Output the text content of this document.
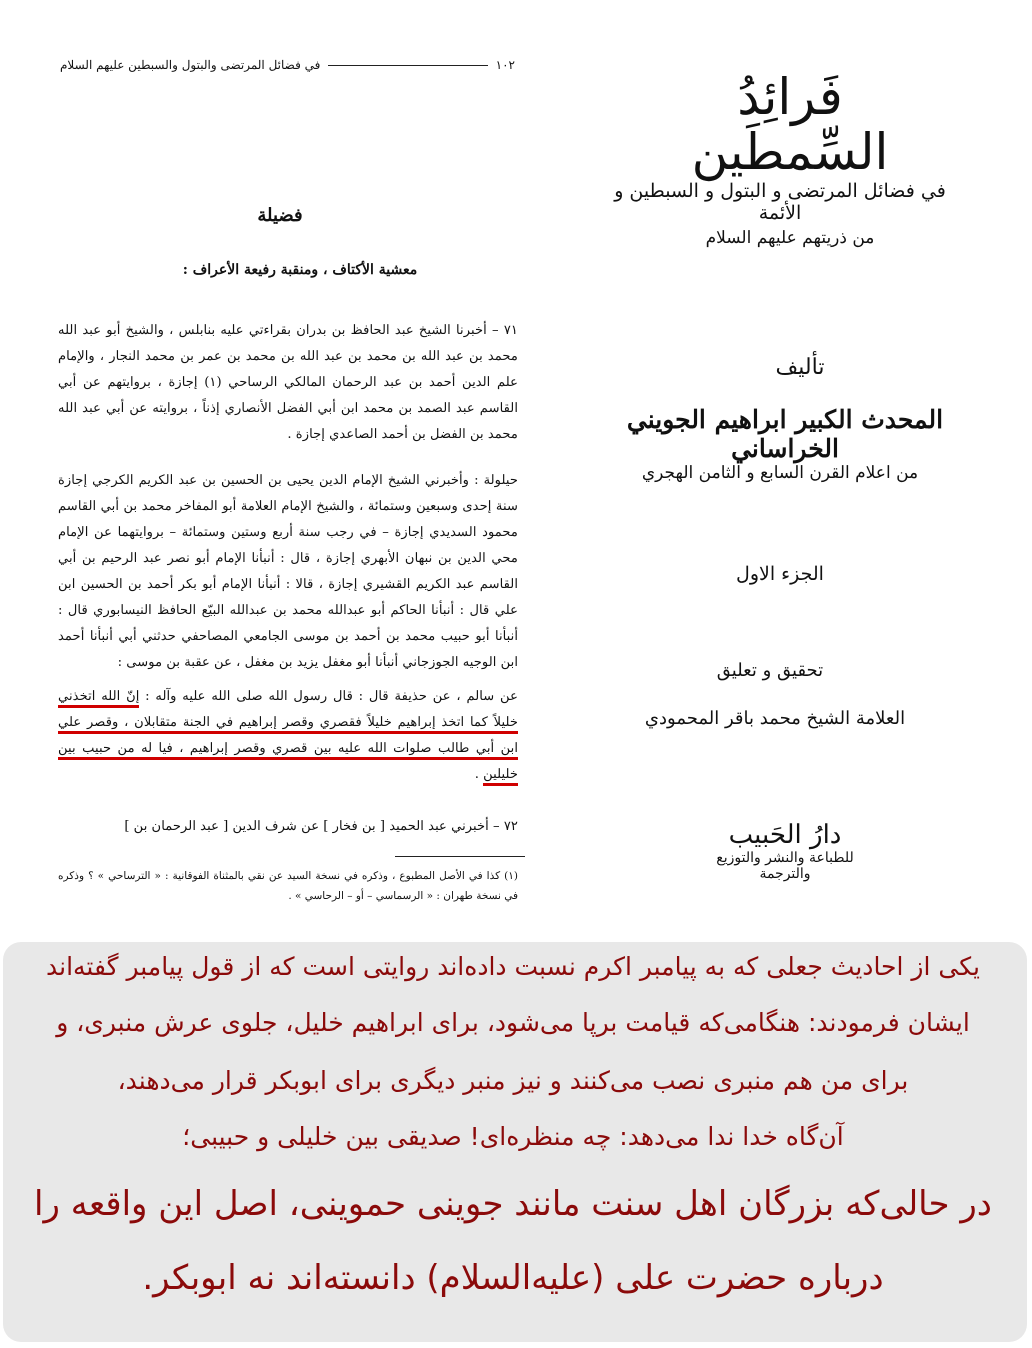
١٠٢
في فضائل المرتضى والبتول والسبطين عليهم السلام
فَرائِدُ السِّمطَين
في فضائل المرتضى و البتول و السبطين و الأئمة
من ذريتهم عليهم السلام
تأليف
المحدث الكبير ابراهيم الجويني الخراساني
من اعلام القرن السابع و الثامن الهجري
الجزء الاول
تحقيق و تعليق
العلامة الشيخ محمد باقر المحمودي
دارُ الحَبيب
للطباعة والنشر والتوزيع والترجمة
فضيلة
معشية الأكتاف ، ومنقبة رفيعة الأعراف :
٧١ – أخبرنا الشيخ عبد الحافظ بن بدران بقراءتي عليه بنابلس ، والشيخ أبو عبد الله محمد بن عبد الله بن محمد بن عبد الله بن محمد بن عمر بن محمد النجار ، والإمام علم الدين أحمد بن عبد الرحمان المالكي الرساحي (١) إجازة ، بروايتهم عن أبي القاسم عبد الصمد بن محمد ابن أبي الفضل الأنصاري إذناً ، بروايته عن أبي عبد الله محمد بن الفضل بن أحمد الصاعدي إجازة .
حيلولة : وأخبرني الشيخ الإمام الدين يحيى بن الحسين بن عبد الكريم الكرجي إجازة سنة إحدى وسبعين وستمائة ، والشيخ الإمام العلامة أبو المفاخر محمد بن أبي القاسم محمود السديدي إجازة – في رجب سنة أربع وستين وستمائة – بروايتهما عن الإمام محي الدين بن نبهان الأبهري إجازة ، قال : أنبأنا الإمام أبو نصر عبد الرحيم بن أبي القاسم عبد الكريم القشيري إجازة ، قالا : أنبأنا الإمام أبو بكر أحمد بن الحسين ابن علي قال : أنبأنا الحاكم أبو عبدالله محمد بن عبدالله البيّع الحافظ النيسابوري قال : أنبأنا أبو حبيب محمد بن أحمد بن موسى الجامعي المصاحفي حدثني أبي أنبأنا أحمد ابن الوجيه الجوزجاني أنبأنا أبو مغفل يزيد بن مغفل ، عن عقبة بن موسى :
عن سالم ، عن حذيفة قال : قال رسول الله صلى الله عليه وآله : إنّ الله اتخذني خليلاً كما اتخذ إبراهيم خليلاً فقصري وقصر إبراهيم في الجنة متقابلان ، وقصر علي ابن أبي طالب صلوات الله عليه بين قصري وقصر إبراهيم ، فيا له من حبيب بين خليلين .
٧٢ – أخبرني عبد الحميد [ بن فخار ] عن شرف الدين [ عبد الرحمان بن ]
(١) كذا في الأصل المطبوع ، وذكره في نسخة السيد عن نقي بالمثناة الفوقانية : « الترساحي » ؟ وذكره في نسخة طهران : « الرسماسي – أو – الرحاسي » .
یکی از احادیث جعلی که به پیامبر اکرم نسبت داده‌اند روایتی است که از قول پیامبر گفته‌اند
ایشان فرمودند: هنگامی‌که قیامت برپا می‌شود، برای ابراهیم خلیل، جلوی عرش منبری، و
برای من هم منبری نصب می‌کنند و نیز منبر دیگری برای ابوبکر قرار می‌دهند،
آن‌گاه خدا ندا می‌دهد: چه منظره‌ای! صدیقی بین خلیلی و حبیبی؛
در حالی‌که بزرگان اهل سنت مانند جوینی حموینی، اصل این واقعه را
درباره حضرت علی (علیه‌السلام) دانسته‌اند نه ابوبکر.
